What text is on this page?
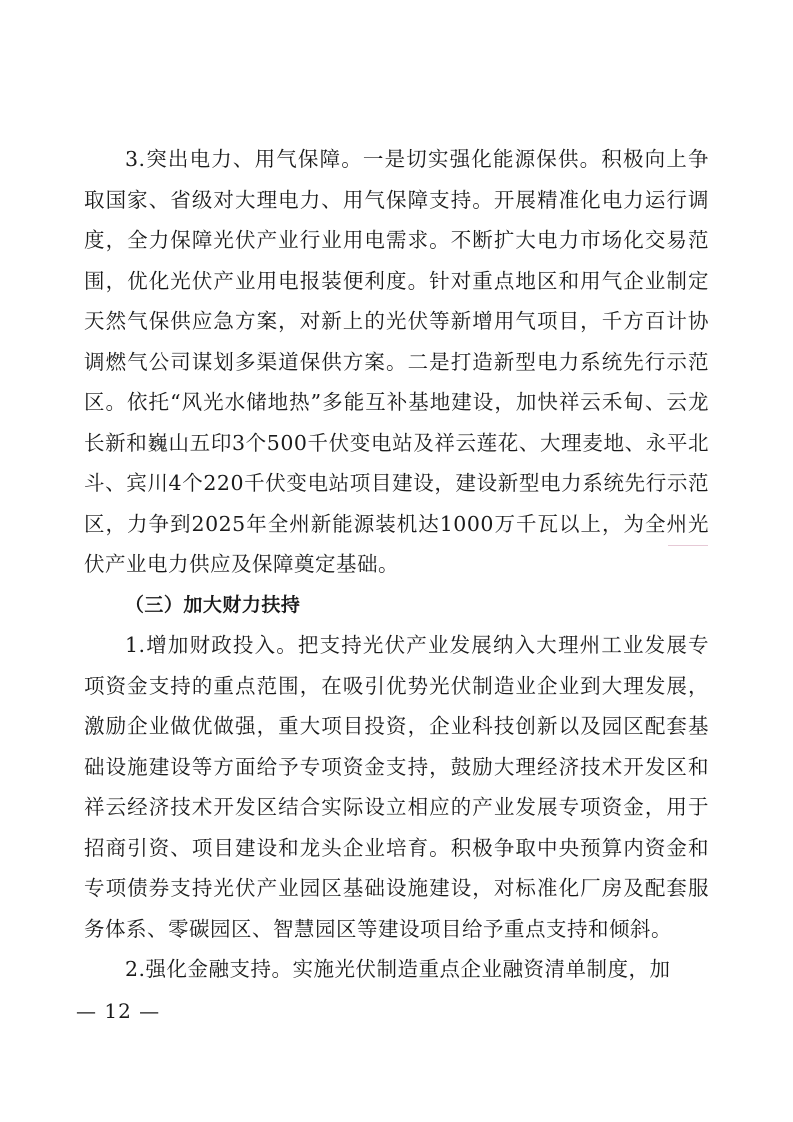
3.突出电力、用气保障。一是切实强化能源保供。积极向上争取国家、省级对大理电力、用气保障支持。开展精准化电力运行调度，全力保障光伏产业行业用电需求。不断扩大电力市场化交易范围，优化光伏产业用电报装便利度。针对重点地区和用气企业制定天然气保供应急方案，对新上的光伏等新增用气项目，千方百计协调燃气公司谋划多渠道保供方案。二是打造新型电力系统先行示范区。依托“风光水储地热”多能互补基地建设，加快祥云禾甸、云龙长新和巍山五印3个500千伏变电站及祥云莲花、大理麦地、永平北斗、宾川4个220千伏变电站项目建设，建设新型电力系统先行示范区，力争到2025年全州新能源装机达1000万千瓦以上，为全州光伏产业电力供应及保障奠定基础。

（三）加大财力扶持

1.增加财政投入。把支持光伏产业发展纳入大理州工业发展专项资金支持的重点范围，在吸引优势光伏制造业企业到大理发展，激励企业做优做强，重大项目投资，企业科技创新以及园区配套基础设施建设等方面给予专项资金支持，鼓励大理经济技术开发区和祥云经济技术开发区结合实际设立相应的产业发展专项资金，用于招商引资、项目建设和龙头企业培育。积极争取中央预算内资金和专项债券支持光伏产业园区基础设施建设，对标准化厂房及配套服务体系、零碳园区、智慧园区等建设项目给予重点支持和倾斜。

2.强化金融支持。实施光伏制造重点企业融资清单制度，加

— 12 —
